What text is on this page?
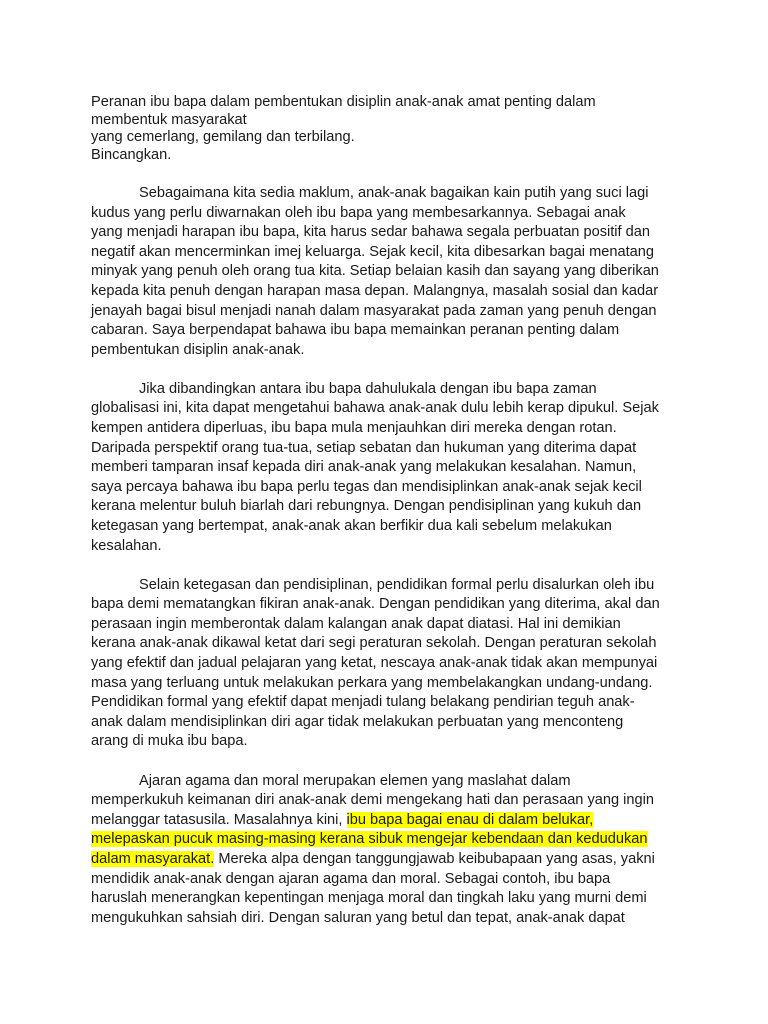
Peranan ibu bapa dalam pembentukan disiplin anak-anak amat penting dalam
membentuk masyarakat
yang cemerlang, gemilang dan terbilang.
Bincangkan.
Sebagaimana kita sedia maklum, anak-anak bagaikan kain putih yang suci lagi
kudus yang perlu diwarnakan oleh ibu bapa yang membesarkannya. Sebagai anak
yang menjadi harapan ibu bapa, kita harus sedar bahawa segala perbuatan positif dan
negatif akan mencerminkan imej keluarga. Sejak kecil, kita dibesarkan bagai menatang
minyak yang penuh oleh orang tua kita. Setiap belaian kasih dan sayang yang diberikan
kepada kita penuh dengan harapan masa depan. Malangnya, masalah sosial dan kadar
jenayah bagai bisul menjadi nanah dalam masyarakat pada zaman yang penuh dengan
cabaran. Saya berpendapat bahawa ibu bapa memainkan peranan penting dalam
pembentukan disiplin anak-anak.
Jika dibandingkan antara ibu bapa dahulukala dengan ibu bapa zaman
globalisasi ini, kita dapat mengetahui bahawa anak-anak dulu lebih kerap dipukul. Sejak
kempen antidera diperluas, ibu bapa mula menjauhkan diri mereka dengan rotan.
Daripada perspektif orang tua-tua, setiap sebatan dan hukuman yang diterima dapat
memberi tamparan insaf kepada diri anak-anak yang melakukan kesalahan. Namun,
saya percaya bahawa ibu bapa perlu tegas dan mendisiplinkan anak-anak sejak kecil
kerana melentur buluh biarlah dari rebungnya. Dengan pendisiplinan yang kukuh dan
ketegasan yang bertempat, anak-anak akan berfikir dua kali sebelum melakukan
kesalahan.
Selain ketegasan dan pendisiplinan, pendidikan formal perlu disalurkan oleh ibu
bapa demi mematangkan fikiran anak-anak. Dengan pendidikan yang diterima, akal dan
perasaan ingin memberontak dalam kalangan anak dapat diatasi. Hal ini demikian
kerana anak-anak dikawal ketat dari segi peraturan sekolah. Dengan peraturan sekolah
yang efektif dan jadual pelajaran yang ketat, nescaya anak-anak tidak akan mempunyai
masa yang terluang untuk melakukan perkara yang membelakangkan undang-undang.
Pendidikan formal yang efektif dapat menjadi tulang belakang pendirian teguh anak-
anak dalam mendisiplinkan diri agar tidak melakukan perbuatan yang menconteng
arang di muka ibu bapa.
Ajaran agama dan moral merupakan elemen yang maslahat dalam
memperkukuh keimanan diri anak-anak demi mengekang hati dan perasaan yang ingin
melanggar tatasusila. Masalahnya kini, ibu bapa bagai enau di dalam belukar,
melepaskan pucuk masing-masing kerana sibuk mengejar kebendaan dan kedudukan
dalam masyarakat. Mereka alpa dengan tanggungjawab keibubapaan yang asas, yakni
mendidik anak-anak dengan ajaran agama dan moral. Sebagai contoh, ibu bapa
haruslah menerangkan kepentingan menjaga moral dan tingkah laku yang murni demi
mengukuhkan sahsiah diri. Dengan saluran yang betul dan tepat, anak-anak dapat
